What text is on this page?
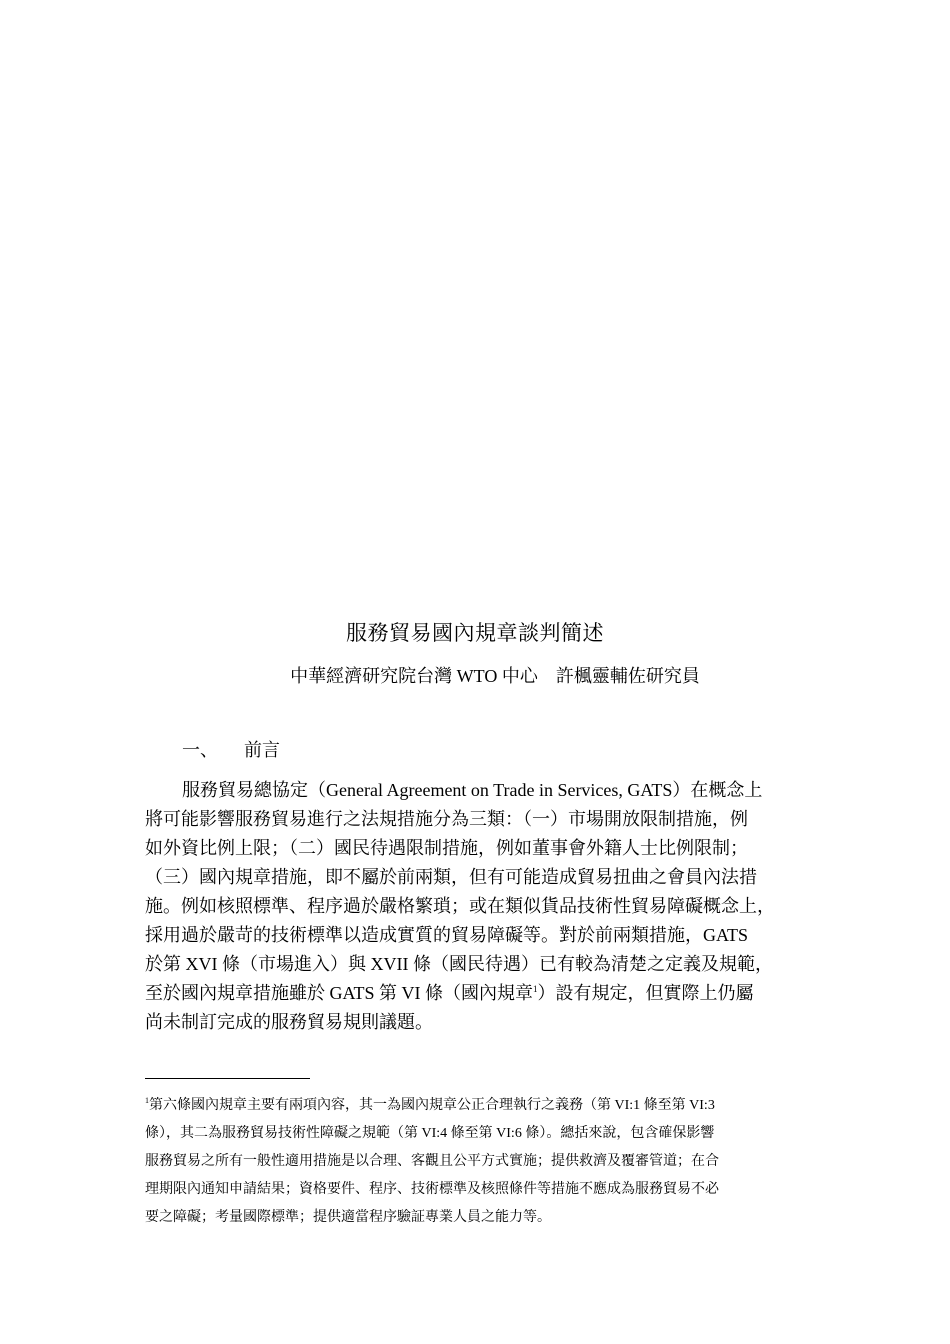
服務貿易國內規章談判簡述
中華經濟研究院台灣 WTO 中心　許楓靈輔佐研究員
一、 前言
服務貿易總協定（General Agreement on Trade in Services, GATS）在概念上
將可能影響服務貿易進行之法規措施分為三類：（一）市場開放限制措施，例
如外資比例上限；（二）國民待遇限制措施，例如董事會外籍人士比例限制；
（三）國內規章措施，即不屬於前兩類，但有可能造成貿易扭曲之會員內法措
施。例如核照標準、程序過於嚴格繁瑣；或在類似貨品技術性貿易障礙概念上，
採用過於嚴苛的技術標準以造成實質的貿易障礙等。對於前兩類措施，GATS
於第 XVI 條（市場進入）與 XVII 條（國民待遇）已有較為清楚之定義及規範，
至於國內規章措施雖於 GATS 第 VI 條（國內規章$^1$）設有規定，但實際上仍屬
尚未制訂完成的服務貿易規則議題。
$^1$第六條國內規章主要有兩項內容，其一為國內規章公正合理執行之義務（第 VI:1 條至第 VI:3
條），其二為服務貿易技術性障礙之規範（第 VI:4 條至第 VI:6 條）。總括來說，包含確保影響
服務貿易之所有一般性適用措施是以合理、客觀且公平方式實施；提供救濟及覆審管道；在合
理期限內通知申請結果；資格要件、程序、技術標準及核照條件等措施不應成為服務貿易不必
要之障礙；考量國際標準；提供適當程序驗証專業人員之能力等。
